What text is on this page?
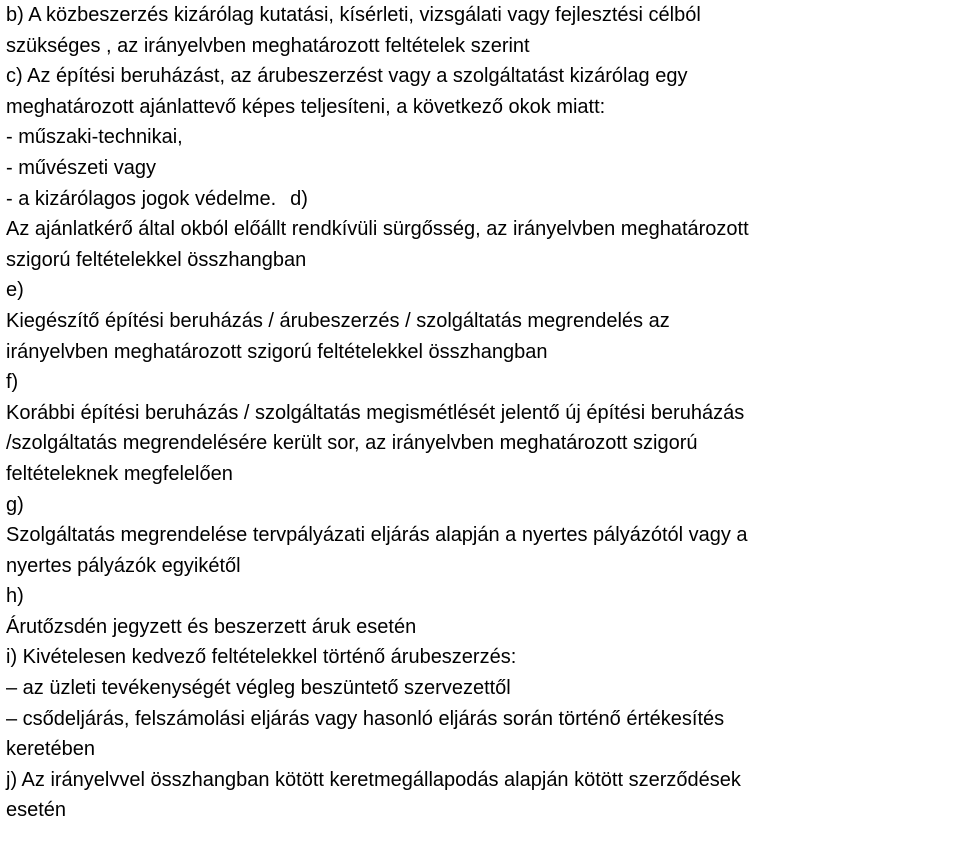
b) A közbeszerzés kizárólag kutatási, kísérleti, vizsgálati vagy fejlesztési célból
szükséges , az irányelvben meghatározott feltételek szerint
c) Az építési beruházást, az árubeszerzést vagy a szolgáltatást kizárólag egy
meghatározott ajánlattevő képes teljesíteni, a következő okok miatt:
- műszaki-technikai,
- művészeti vagy
- a kizárólagos jogok védelme. d)
Az ajánlatkérő által okból előállt rendkívüli sürgősség, az irányelvben meghatározott
szigorú feltételekkel összhangban
e)
Kiegészítő építési beruházás / árubeszerzés / szolgáltatás megrendelés az
irányelvben meghatározott szigorú feltételekkel összhangban
f)
Korábbi építési beruházás / szolgáltatás megismétlését jelentő új építési beruházás
/szolgáltatás megrendelésére került sor, az irányelvben meghatározott szigorú
feltételeknek megfelelően
g)
Szolgáltatás megrendelése tervpályázati eljárás alapján a nyertes pályázótól vagy a
nyertes pályázók egyikétől
h)
Árutőzsdén jegyzett és beszerzett áruk esetén
i) Kivételesen kedvező feltételekkel történő árubeszerzés:
– az üzleti tevékenységét végleg beszüntető szervezettől
– csődeljárás, felszámolási eljárás vagy hasonló eljárás során történő értékesítés
keretében
j) Az irányelvvel összhangban kötött keretmegállapodás alapján kötött szerződések
esetén
